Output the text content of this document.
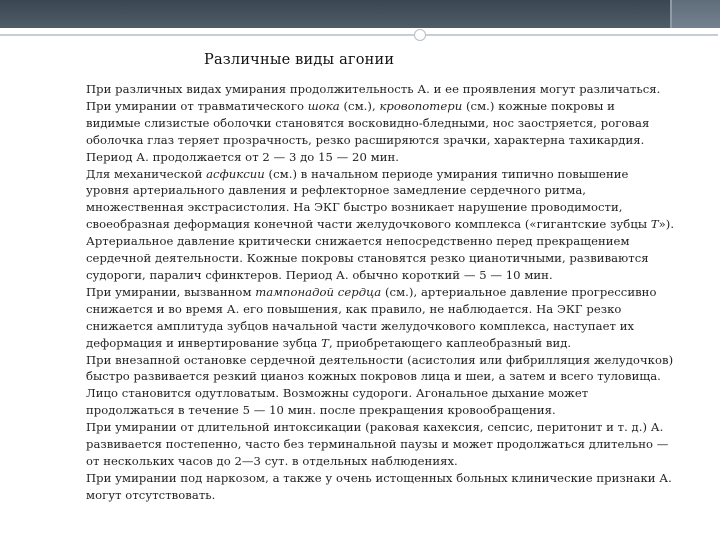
Различные виды агонии
При различных видах умирания продолжительность А. и ее проявления могут различаться.
При умирании от травматического шока (см.), кровопотери (см.) кожные покровы и
видимые слизистые оболочки становятся восковидно-бледными, нос заостряется, роговая
оболочка глаз теряет прозрачность, резко расширяются зрачки, характерна тахикардия.
Период А. продолжается от 2 — 3 до 15 — 20 мин.
Для механической асфиксии (см.) в начальном периоде умирания типично повышение
уровня артериального давления и рефлекторное замедление сердечного ритма,
множественная экстрасистолия. На ЭКГ быстро возникает нарушение проводимости,
своеобразная деформация конечной части желудочкового комплекса («гигантские зубцы Т»).
Артериальное давление критически снижается непосредственно перед прекращением
сердечной деятельности. Кожные покровы становятся резко цианотичными, развиваются
судороги, паралич сфинктеров. Период А. обычно короткий — 5 — 10 мин.
При умирании, вызванном тампонадой сердца (см.), артериальное давление прогрессивно
снижается и во время А. его повышения, как правило, не наблюдается. На ЭКГ резко
снижается амплитуда зубцов начальной части желудочкового комплекса, наступает их
деформация и инвертирование зубца Т, приобретающего каплеобразный вид.
При внезапной остановке сердечной деятельности (асистолия или фибрилляция желудочков)
быстро развивается резкий цианоз кожных покровов лица и шеи, а затем и всего туловища.
Лицо становится одутловатым. Возможны судороги. Агональное дыхание может
продолжаться в течение 5 — 10 мин. после прекращения кровообращения.
При умирании от длительной интоксикации (раковая кахексия, сепсис, перитонит и т. д.) А.
развивается постепенно, часто без терминальной паузы и может продолжаться длительно —
от нескольких часов до 2—3 сут. в отдельных наблюдениях.
При умирании под наркозом, а также у очень истощенных больных клинические признаки А.
могут отсутствовать.
